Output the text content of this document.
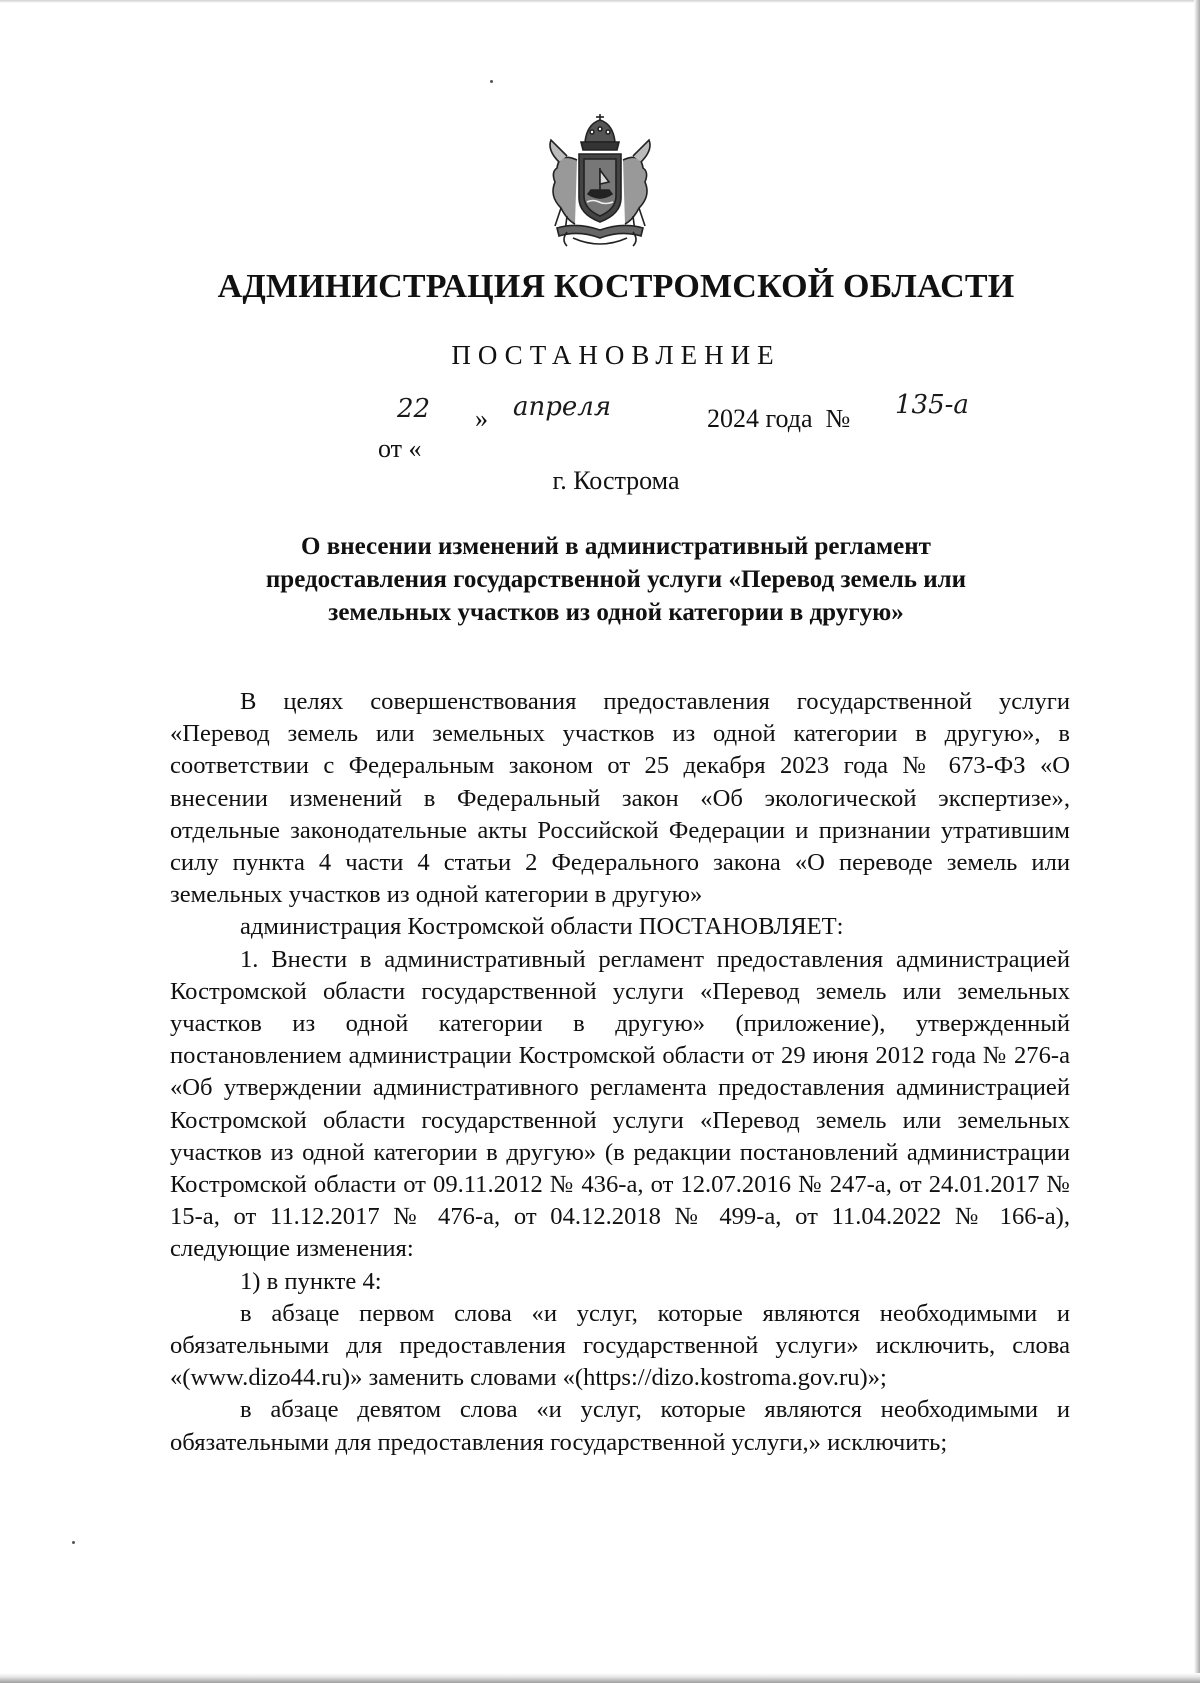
АДМИНИСТРАЦИЯ КОСТРОМСКОЙ ОБЛАСТИ
ПОСТАНОВЛЕНИЕ

от «

22

»

апреля

	2024 года  №

135-а

г. Кострома
О внесении изменений в административный регламент предоставления государственной услуги «Перевод земель или земельных участков из одной категории в другую»

В целях совершенствования предоставления государственной услуги «Перевод земель или земельных участков из одной категории в другую», в соответствии с Федеральным законом от 25 декабря 2023 года № 673-ФЗ «О внесении изменений в Федеральный закон «Об экологической экспертизе», отдельные законодательные акты Российской Федерации и признании утратившим силу пункта 4 части 4 статьи 2 Федерального закона «О переводе земель или земельных участков из одной категории в другую»

администрация Костромской области ПОСТАНОВЛЯЕТ:

1. Внести в административный регламент предоставления администрацией Костромской области государственной услуги «Перевод земель или земельных участков из одной категории в другую» (приложение), утвержденный постановлением администрации Костромской области от 29 июня 2012 года № 276-а «Об утверждении административного регламента предоставления администрацией Костромской области государственной услуги «Перевод земель или земельных участков из одной категории в другую» (в редакции постановлений администрации Костромской области от 09.11.2012 № 436-а, от 12.07.2016 № 247-а, от 24.01.2017 № 15-а, от 11.12.2017 № 476-а, от 04.12.2018 № 499-а, от 11.04.2022 № 166-а), следующие изменения:

1) в пункте 4:

в абзаце первом слова «и услуг, которые являются необходимыми и обязательными для предоставления государственной услуги» исключить, слова «(www.dizo44.ru)» заменить словами «(https://dizo.kostroma.gov.ru)»;

в абзаце девятом слова «и услуг, которые являются необходимыми и обязательными для предоставления государственной услуги,» исключить;
